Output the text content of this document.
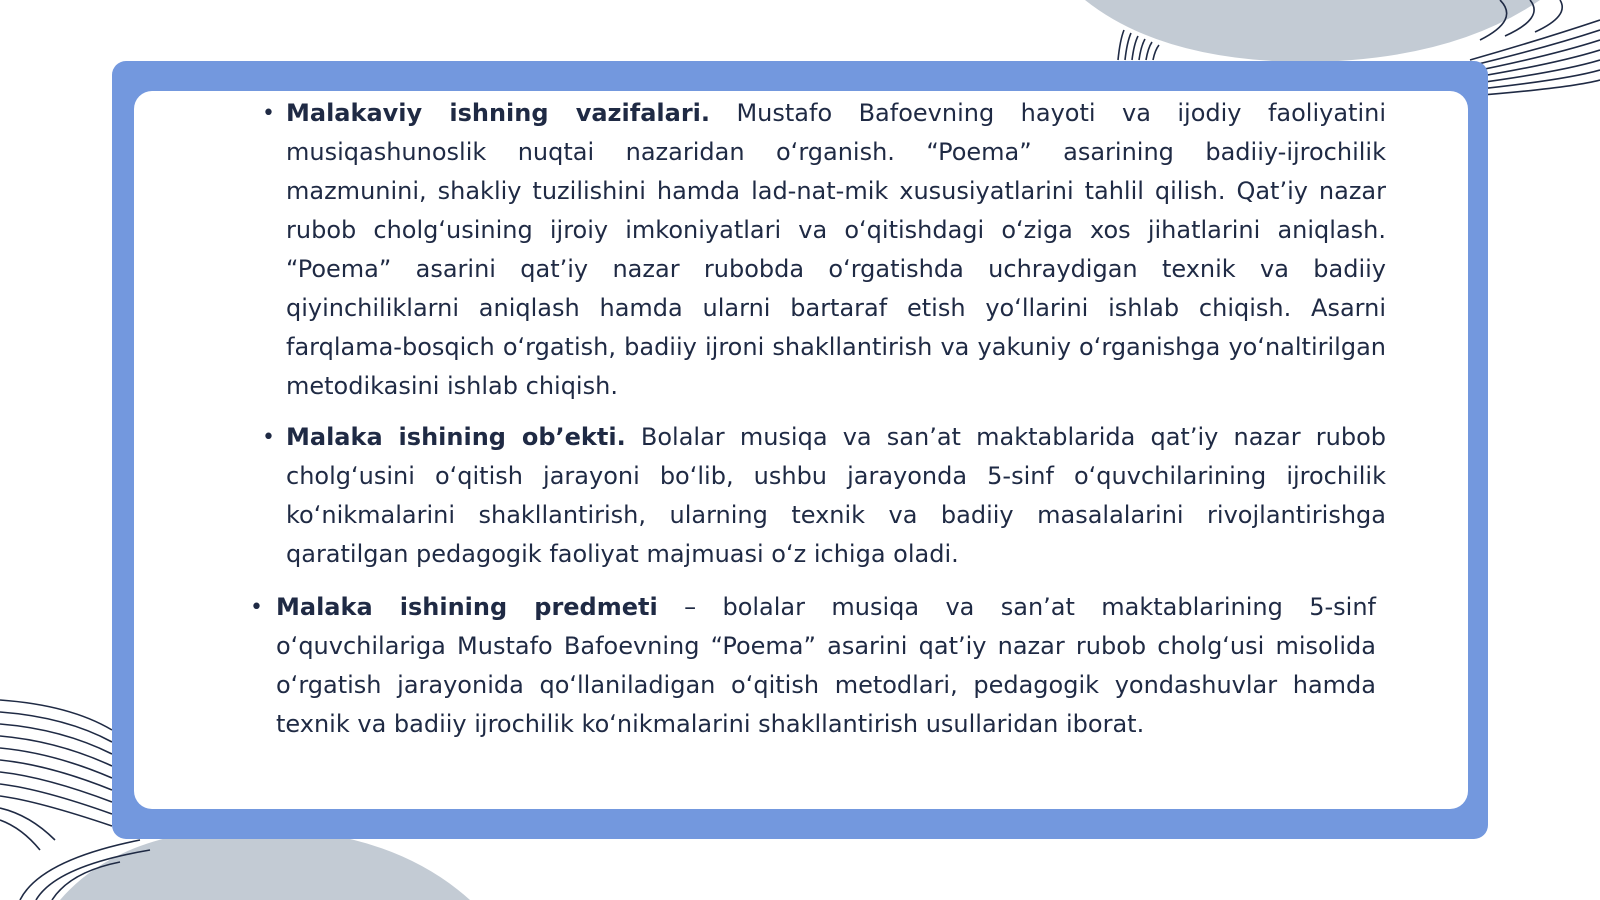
• Malakaviy ishning vazifalari. Mustafo Bafoevning hayoti va ijodiy faoliyatini musiqashunoslik nuqtai nazaridan oʻrganish. “Poema” asarining badiiy-ijrochilik mazmunini, shakliy tuzilishini hamda lad-nat-mik xususiyatlarini tahlil qilish. Qatʼiy nazar rubob cholgʻusining ijroiy imkoniyatlari va oʻqitishdagi oʻziga xos jihatlarini aniqlash. “Poema” asarini qatʼiy nazar rubobda oʻrgatishda uchraydigan texnik va badiiy qiyinchiliklarni aniqlash hamda ularni bartaraf etish yoʻllarini ishlab chiqish. Asarni farqlama-bosqich oʻrgatish, badiiy ijroni shakllantirish va yakuniy oʻrganishga yoʻnaltirilgan metodikasini ishlab chiqish.

• Malaka ishining obʼekti. Bolalar musiqa va sanʼat maktablarida qatʼiy nazar rubob cholgʻusini oʻqitish jarayoni boʻlib, ushbu jarayonda 5-sinf oʻquvchilarining ijrochilik koʻnikmalarini shakllantirish, ularning texnik va badiiy masalalarini rivojlantirishga qaratilgan pedagogik faoliyat majmuasi oʻz ichiga oladi.

• Malaka ishining predmeti – bolalar musiqa va sanʼat maktablarining 5-sinf oʻquvchilariga Mustafo Bafoevning “Poema” asarini qatʼiy nazar rubob cholgʻusi misolida oʻrgatish jarayonida qoʻllaniladigan oʻqitish metodlari, pedagogik yondashuvlar hamda texnik va badiiy ijrochilik koʻnikmalarini shakllantirish usullaridan iborat.
